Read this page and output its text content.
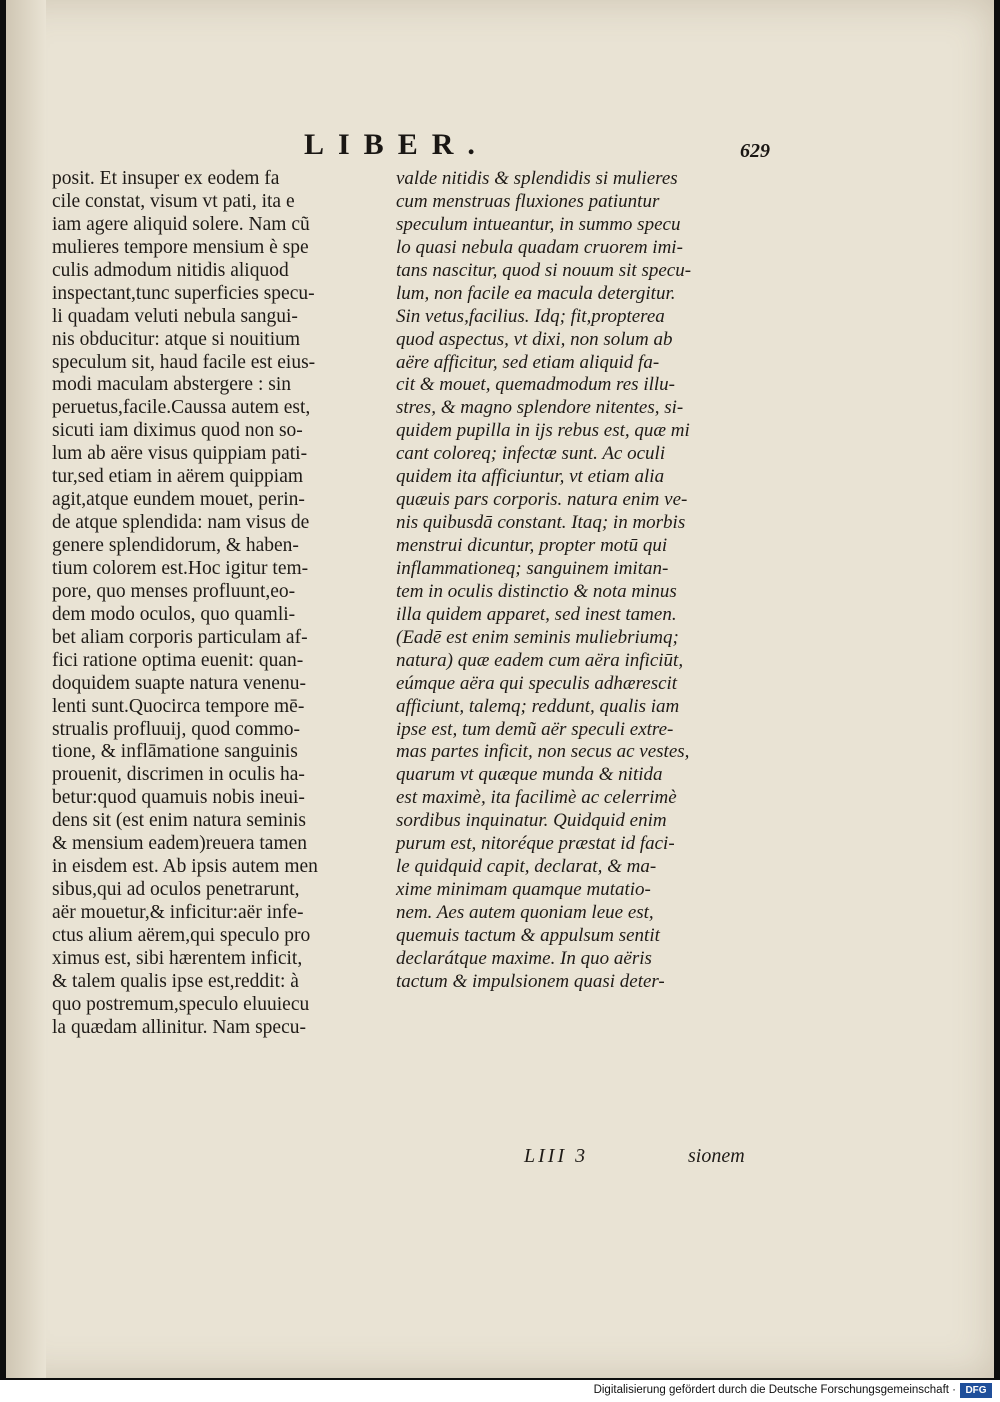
LIBER.	629
posit. Et insuper ex eodem fa
cile constat, visum vt pati, ita e
iam agere aliquid solere. Nam cũ
mulieres tempore mensium è spe
culis admodum nitidis aliquod
inspectant,tunc superficies specu-
li quadam veluti nebula sangui-
nis obducitur: atque si nouitium
speculum sit, haud facile est eius-
modi maculam abstergere : sin
peruetus,facile.Caussa autem est,
sicuti iam diximus quod non so-
lum ab aëre visus quippiam pati-
tur,sed etiam in aërem quippiam
agit,atque eundem mouet, perin-
de atque splendida: nam visus de
genere splendidorum, & haben-
tium colorem est.Hoc igitur tem-
pore, quo menses profluunt,eo-
dem modo oculos, quo quamli-
bet aliam corporis particulam af-
fici ratione optima euenit: quan-
doquidem suapte natura venenu-
lenti sunt.Quocirca tempore mē-
strualis profluuij, quod commo-
tione, & inflāmatione sanguinis
prouenit, discrimen in oculis ha-
betur:quod quamuis nobis ineui-
dens sit (est enim natura seminis
& mensium eadem)reuera tamen
in eisdem est. Ab ipsis autem men
sibus,qui ad oculos penetrarunt,
aër mouetur,& inficitur:aër infe-
ctus alium aërem,qui speculo pro
ximus est, sibi hærentem inficit,
& talem qualis ipse est,reddit: à
quo postremum,speculo eluuiecu
la quædam allinitur. Nam specu-
valde nitidis & splendidis si mulieres
cum menstruas fluxiones patiuntur
speculum intueantur, in summo specu
lo quasi nebula quadam cruorem imi-
tans nascitur, quod si nouum sit specu-
lum, non facile ea macula detergitur.
Sin vetus,facilius. Idq; fit,propterea
quod aspectus, vt dixi, non solum ab
aëre afficitur, sed etiam aliquid fa-
cit & mouet, quemadmodum res illu-
stres, & magno splendore nitentes, si-
quidem pupilla in ijs rebus est, quæ mi
cant coloreq; infectæ sunt. Ac oculi
quidem ita afficiuntur, vt etiam alia
quæuis pars corporis. natura enim ve-
nis quibusdā constant. Itaq; in morbis
menstrui dicuntur, propter motū qui
inflammationeq; sanguinem imitan-
tem in oculis distinctio & nota minus
illa quidem apparet, sed inest tamen.
(Eadē est enim seminis muliebriumq;
natura) quæ eadem cum aëra inficiūt,
eúmque aëra qui speculis adhærescit
afficiunt, talemq; reddunt, qualis iam
ipse est, tum demũ aër speculi extre-
mas partes inficit, non secus ac vestes,
quarum vt quæque munda & nitida
est maximè, ita facilimè ac celerrimè
sordibus inquinatur. Quidquid enim
purum est, nitoréque præstat id faci-
le quidquid capit, declarat, & ma-
xime minimam quamque mutatio-
nem. Aes autem quoniam leue est,
quemuis tactum & appulsum sentit
declarátque maxime. In quo aëris
tactum & impulsionem quasi deter-
LIII 3	sionem
Digitalisierung gefördert durch die Deutsche Forschungsgemeinschaft · DFG
